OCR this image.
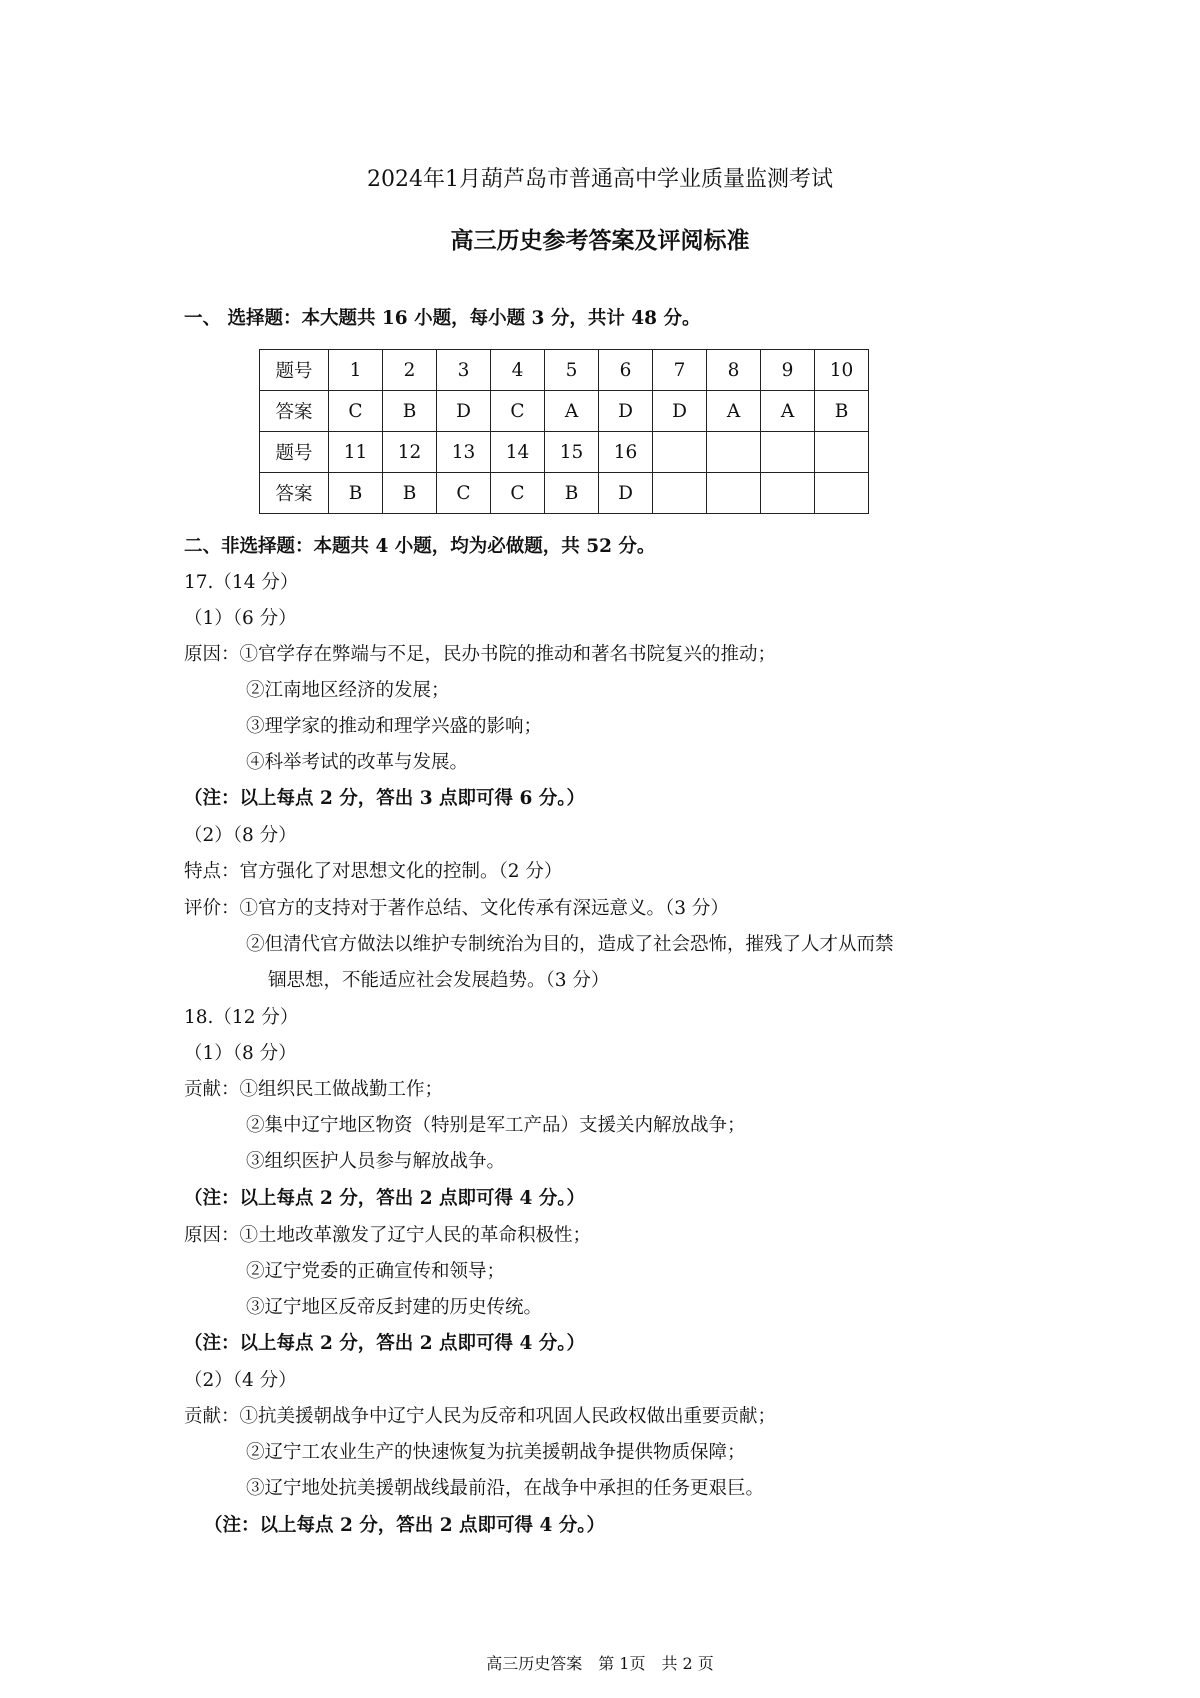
2024年1月葫芦岛市普通高中学业质量监测考试
高三历史参考答案及评阅标准
一、 选择题：本大题共 16 小题，每小题 3 分，共计 48 分。
题号	1	2	3	4	5	6	7	8	9	10
答案	C	B	D	C	A	D	D	A	A	B
题号	11	12	13	14	15	16				
答案	B	B	C	C	B	D				
二、非选择题：本题共 4 小题，均为必做题，共 52 分。
17.（14 分）
（1）（6 分）
原因：①官学存在弊端与不足，民办书院的推动和著名书院复兴的推动；
②江南地区经济的发展；
③理学家的推动和理学兴盛的影响；
④科举考试的改革与发展。
（注：以上每点 2 分，答出 3 点即可得 6 分。）
（2）（8 分）
特点：官方强化了对思想文化的控制。（2 分）
评价：①官方的支持对于著作总结、文化传承有深远意义。（3 分）
②但清代官方做法以维护专制统治为目的，造成了社会恐怖，摧残了人才从而禁
锢思想，不能适应社会发展趋势。（3 分）
18.（12 分）
（1）（8 分）
贡献：①组织民工做战勤工作；
②集中辽宁地区物资（特别是军工产品）支援关内解放战争；
③组织医护人员参与解放战争。
（注：以上每点 2 分，答出 2 点即可得 4 分。）
原因：①土地改革激发了辽宁人民的革命积极性；
②辽宁党委的正确宣传和领导；
③辽宁地区反帝反封建的历史传统。
（注：以上每点 2 分，答出 2 点即可得 4 分。）
（2）（4 分）
贡献：①抗美援朝战争中辽宁人民为反帝和巩固人民政权做出重要贡献；
②辽宁工农业生产的快速恢复为抗美援朝战争提供物质保障；
③辽宁地处抗美援朝战线最前沿，在战争中承担的任务更艰巨。
（注：以上每点 2 分，答出 2 点即可得 4 分。）
高三历史答案　第 1页　共 2 页
